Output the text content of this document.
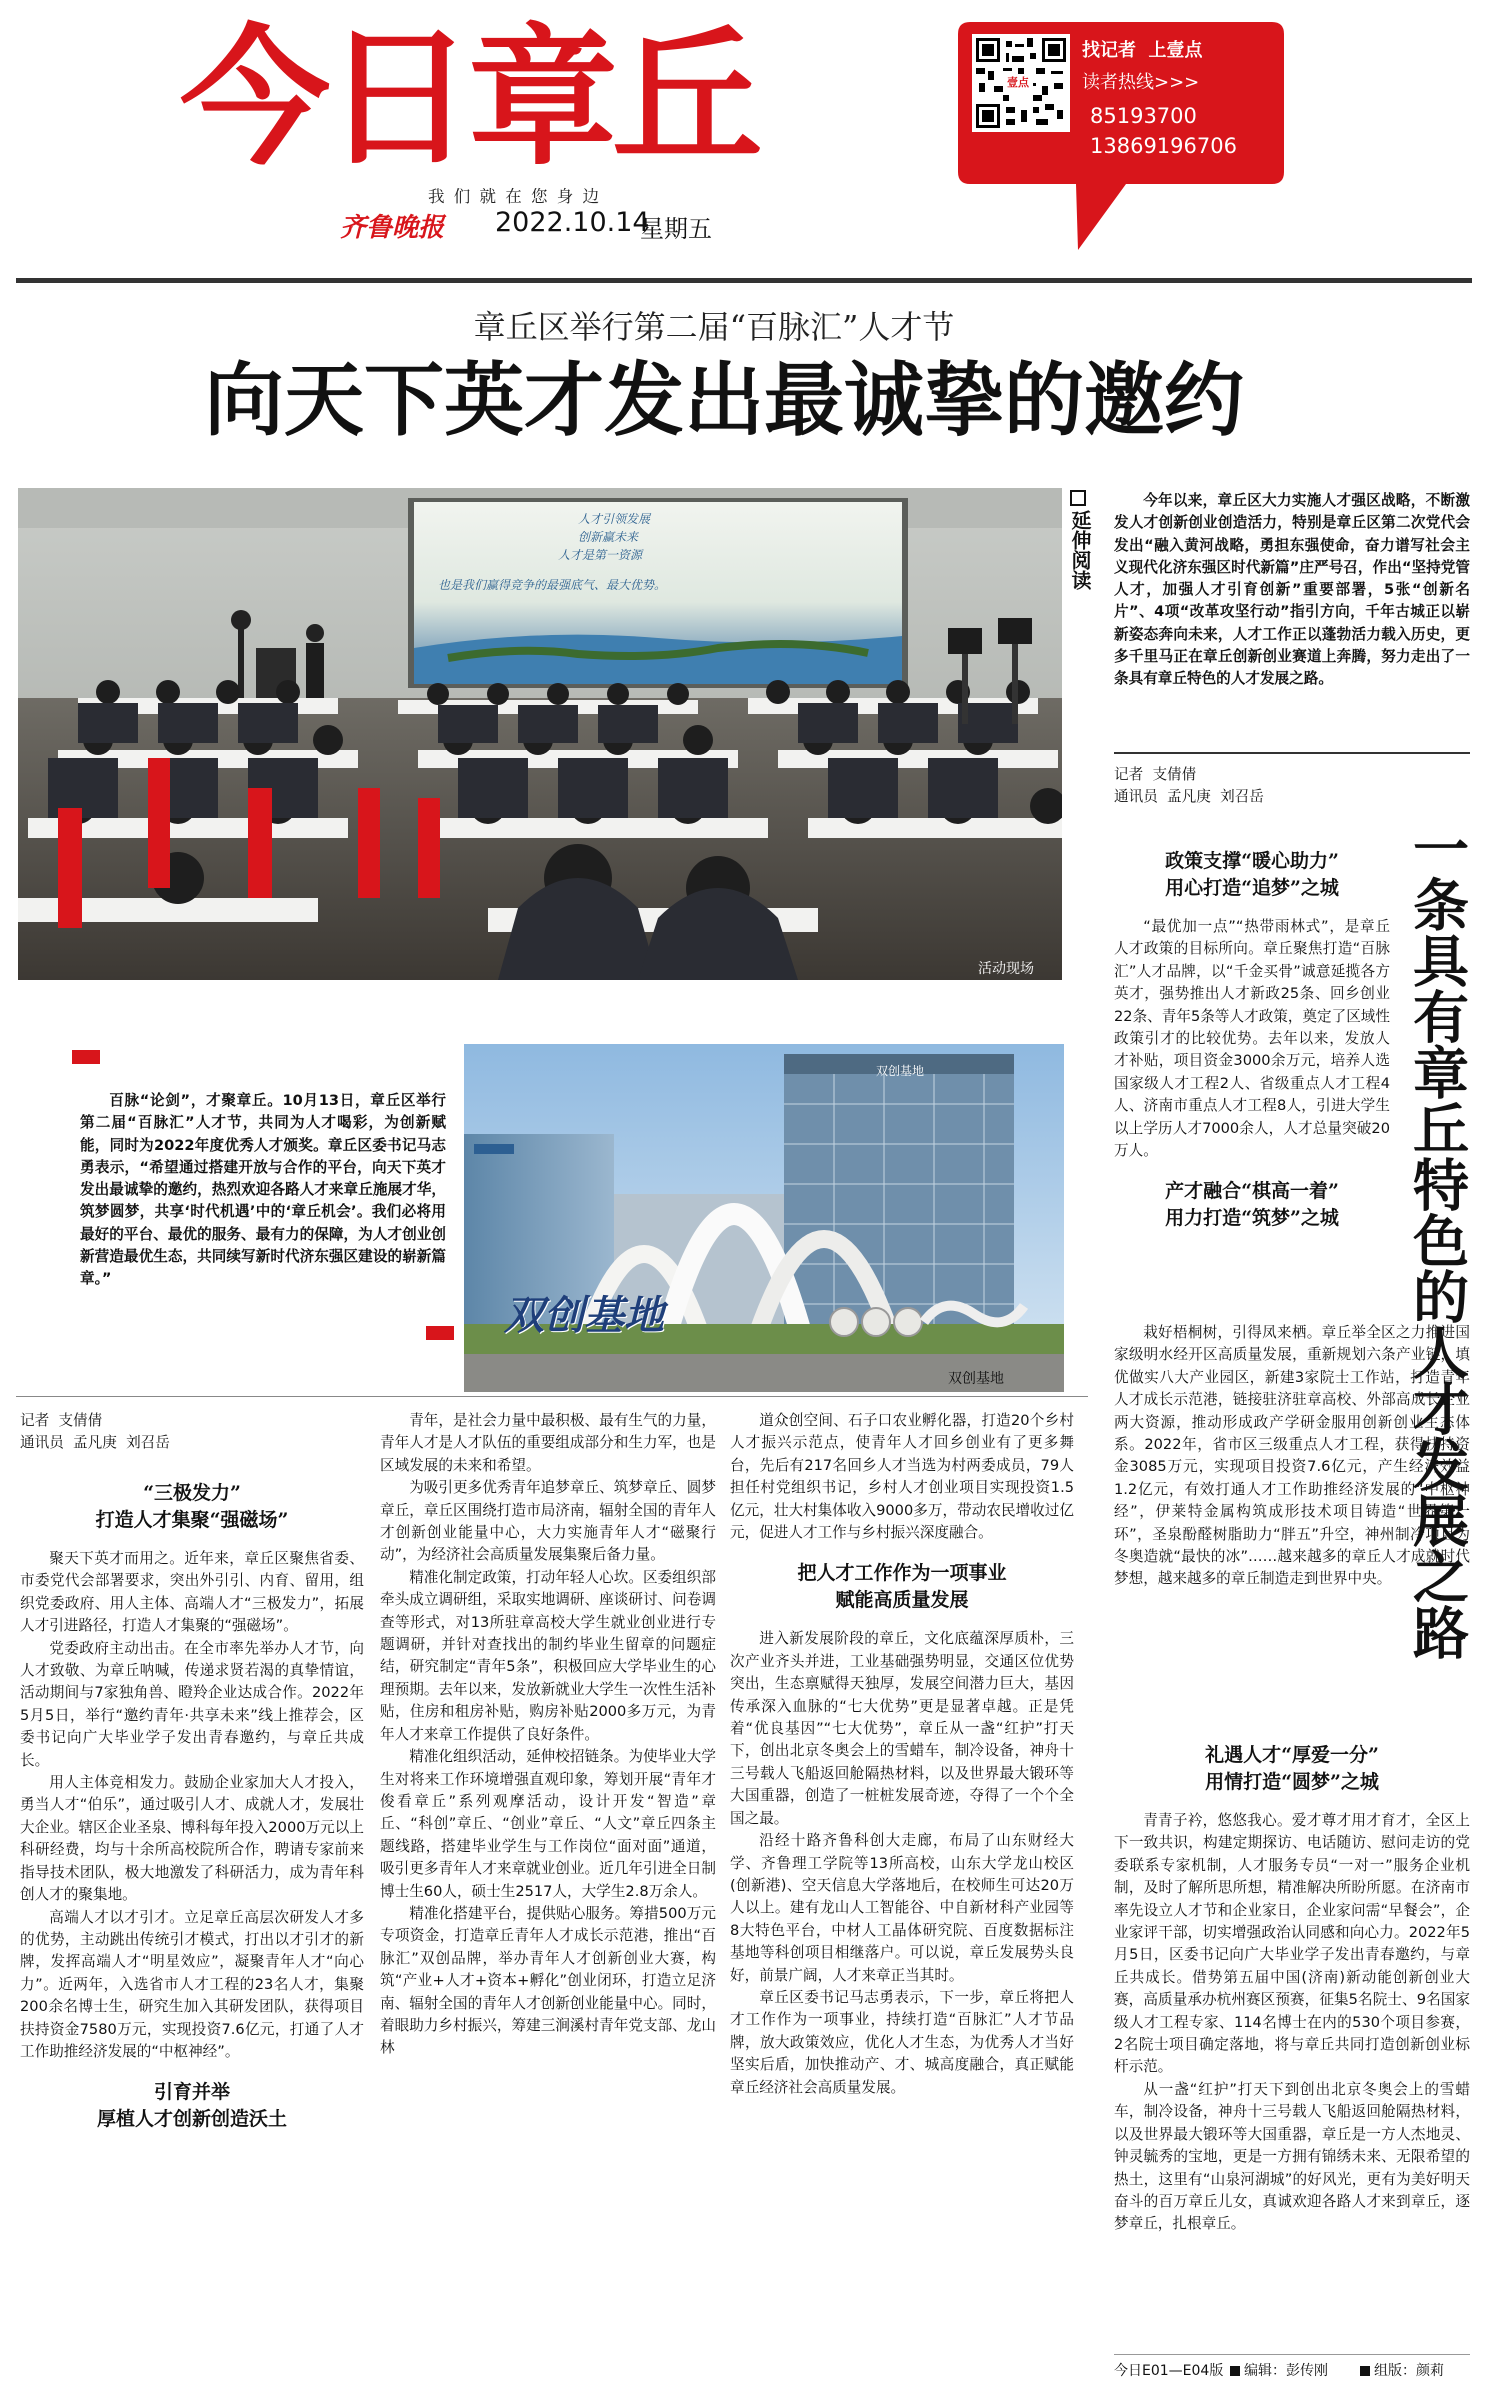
今日章丘
我 们 就 在 您 身 边
齐鲁晚报 2022.10.14
星期五
壹点
找记者  上壹点
读者热线>>>
85193700
13869196706
章丘区举行第二届“百脉汇”人才节
向天下英才发出最诚挚的邀约
人才引领发展
创新赢未来
人才是第一资源
也是我们赢得竞争的最强底气、最大优势。
活动现场
延伸阅读

今年以来，章丘区大力实施人才强区战略，不断激发人才创新创业创造活力，特别是章丘区第二次党代会发出“融入黄河战略，勇担东强使命，奋力谱写社会主义现代化济东强区时代新篇”庄严号召，作出“坚持党管人才，加强人才引育创新”重要部署，5张“创新名片”、4项“改革攻坚行动”指引方向，千年古城正以崭新姿态奔向未来，人才工作正以蓬勃活力载入历史，更多千里马正在章丘创新创业赛道上奔腾，努力走出了一条具有章丘特色的人才发展之路。

记者  支倩倩
通讯员  孟凡庚  刘召岳
一条具有章丘特色的人才发展之路
政策支撑“暖心助力”
用心打造“追梦”之城

“最优加一点”“热带雨林式”，是章丘人才政策的目标所向。章丘聚焦打造“百脉汇”人才品牌，以“千金买骨”诚意延揽各方英才，强势推出人才新政25条、回乡创业22条、青年5条等人才政策，奠定了区域性政策引才的比较优势。去年以来，发放人才补贴，项目资金3000余万元，培养人选国家级人才工程2人、省级重点人才工程4人、济南市重点人才工程8人，引进大学生以上学历人才7000余人，人才总量突破20万人。

产才融合“棋高一着”
用力打造“筑梦”之城

栽好梧桐树，引得凤来栖。章丘举全区之力推进国家级明水经开区高质量发展，重新规划六条产业链，填优做实八大产业园区，新建3家院士工作站，打造青年人才成长示范港，链接驻济驻章高校、外部高成长企业两大资源，推动形成政产学研金服用创新创业生态体系。2022年，省市区三级重点人才工程，获得扶持资金3085万元，实现项目投资7.6亿元，产生经济效益1.2亿元，有效打通人才工作助推经济发展的“中枢神经”，伊莱特金属构筑成形技术项目铸造“世界第一环”，圣泉酚醛树脂助力“胖五”升空，神州制冷项目为冬奥造就“最快的冰”……越来越多的章丘人才成就时代梦想，越来越多的章丘制造走到世界中央。

礼遇人才“厚爱一分”
用情打造“圆梦”之城

青青子衿，悠悠我心。爱才尊才用才育才，全区上下一致共识，构建定期探访、电话随访、慰问走访的党委联系专家机制，人才服务专员“一对一”服务企业机制，及时了解所思所想，精准解决所盼所愿。在济南市率先设立人才节和企业家日，企业家问需“早餐会”，企业家评干部，切实增强政治认同感和向心力。2022年5月5日，区委书记向广大毕业学子发出青春邀约，与章丘共成长。借势第五届中国(济南)新动能创新创业大赛，高质量承办杭州赛区预赛，征集5名院士、9名国家级人才工程专家、114名博士在内的530个项目参赛，2名院士项目确定落地，将与章丘共同打造创新创业标杆示范。

从一盏“红护”打天下到创出北京冬奥会上的雪蜡车，制冷设备，神舟十三号载人飞船返回舱隔热材料，以及世界最大锻环等大国重器，章丘是一方人杰地灵、钟灵毓秀的宝地，更是一方拥有锦绣未来、无限希望的热土，这里有“山泉河湖城”的好风光，更有为美好明天奋斗的百万章丘儿女，真诚欢迎各路人才来到章丘，逐梦章丘，扎根章丘。

百脉“论剑”，才聚章丘。10月13日，章丘区举行第二届“百脉汇”人才节，共同为人才喝彩，为创新赋能，同时为2022年度优秀人才颁奖。章丘区委书记马志勇表示，“希望通过搭建开放与合作的平台，向天下英才发出最诚挚的邀约，热烈欢迎各路人才来章丘施展才华，筑梦圆梦，共享‘时代机遇’中的‘章丘机会’。我们必将用最好的平台、最优的服务、最有力的保障，为人才创业创新营造最优生态，共同续写新时代济东强区建设的崭新篇章。”
双创基地
双创基地
双创基地
记者  支倩倩
通讯员  孟凡庚  刘召岳
“三极发力”
打造人才集聚“强磁场”

聚天下英才而用之。近年来，章丘区聚焦省委、市委党代会部署要求，突出外引引、内育、留用，组织党委政府、用人主体、高端人才“三极发力”，拓展人才引进路径，打造人才集聚的“强磁场”。

党委政府主动出击。在全市率先举办人才节，向人才致敬、为章丘呐喊，传递求贤若渴的真挚情谊，活动期间与7家独角兽、瞪羚企业达成合作。2022年5月5日，举行“邀约青年·共享未来”线上推荐会，区委书记向广大毕业学子发出青春邀约，与章丘共成长。

用人主体竞相发力。鼓励企业家加大人才投入，勇当人才“伯乐”，通过吸引人才、成就人才，发展壮大企业。辖区企业圣泉、博科每年投入2000万元以上科研经费，均与十余所高校院所合作，聘请专家前来指导技术团队，极大地激发了科研活力，成为青年科创人才的聚集地。

高端人才以才引才。立足章丘高层次研发人才多的优势，主动跳出传统引才模式，打出以才引才的新牌，发挥高端人才“明星效应”，凝聚青年人才“向心力”。近两年，入选省市人才工程的23名人才，集聚200余名博士生，研究生加入其研发团队，获得项目扶持资金7580万元，实现投资7.6亿元，打通了人才工作助推经济发展的“中枢神经”。

引育并举
厚植人才创新创造沃土

青年，是社会力量中最积极、最有生气的力量，青年人才是人才队伍的重要组成部分和生力军，也是区域发展的未来和希望。

为吸引更多优秀青年追梦章丘、筑梦章丘、圆梦章丘，章丘区围绕打造市局济南，辐射全国的青年人才创新创业能量中心，大力实施青年人才“磁聚行动”，为经济社会高质量发展集聚后备力量。

精准化制定政策，打动年轻人心坎。区委组织部牵头成立调研组，采取实地调研、座谈研讨、问卷调查等形式，对13所驻章高校大学生就业创业进行专题调研，并针对查找出的制约毕业生留章的问题症结，研究制定“青年5条”，积极回应大学毕业生的心理预期。去年以来，发放新就业大学生一次性生活补贴，住房和租房补贴，购房补贴2000多万元，为青年人才来章工作提供了良好条件。

精准化组织活动，延伸校招链条。为使毕业大学生对将来工作环境增强直观印象，筹划开展“青年才俊看章丘”系列观摩活动，设计开发“智造”章丘、“科创”章丘、“创业”章丘、“人文”章丘四条主题线路，搭建毕业学生与工作岗位“面对面”通道，吸引更多青年人才来章就业创业。近几年引进全日制博士生60人，硕士生2517人，大学生2.8万余人。

精准化搭建平台，提供贴心服务。筹措500万元专项资金，打造章丘青年人才成长示范港，推出“百脉汇”双创品牌，举办青年人才创新创业大赛，构筑“产业+人才+资本+孵化”创业闭环，打造立足济南、辐射全国的青年人才创新创业能量中心。同时，着眼助力乡村振兴，筹建三涧溪村青年党支部、龙山林

道众创空间、石子口农业孵化器，打造20个乡村人才振兴示范点，使青年人才回乡创业有了更多舞台，先后有217名回乡人才当选为村两委成员，79人担任村党组织书记，乡村人才创业项目实现投资1.5亿元，壮大村集体收入9000多万，带动农民增收过亿元，促进人才工作与乡村振兴深度融合。

把人才工作作为一项事业
赋能高质量发展

进入新发展阶段的章丘，文化底蕴深厚质朴，三次产业齐头并进，工业基础强势明显，交通区位优势突出，生态禀赋得天独厚，发展空间潜力巨大，基因传承深入血脉的“七大优势”更是显著卓越。正是凭着“优良基因”“七大优势”，章丘从一盏“红护”打天下，创出北京冬奥会上的雪蜡车，制冷设备，神舟十三号载人飞船返回舱隔热材料，以及世界最大锻环等大国重器，创造了一桩桩发展奇迹，夺得了一个个全国之最。

沿经十路齐鲁科创大走廊，布局了山东财经大学、齐鲁理工学院等13所高校，山东大学龙山校区(创新港)、空天信息大学落地后，在校师生可达20万人以上。建有龙山人工智能谷、中自新材科产业园等8大特色平台，中材人工晶体研究院、百度数据标注基地等科创项目相继落户。可以说，章丘发展势头良好，前景广阔，人才来章正当其时。

章丘区委书记马志勇表示，下一步，章丘将把人才工作作为一项事业，持续打造“百脉汇”人才节品牌，放大政策效应，优化人才生态，为优秀人才当好坚实后盾，加快推动产、才、城高度融合，真正赋能章丘经济社会高质量发展。

今日E01—E04版 编辑：彭传刚	组版：颜莉
